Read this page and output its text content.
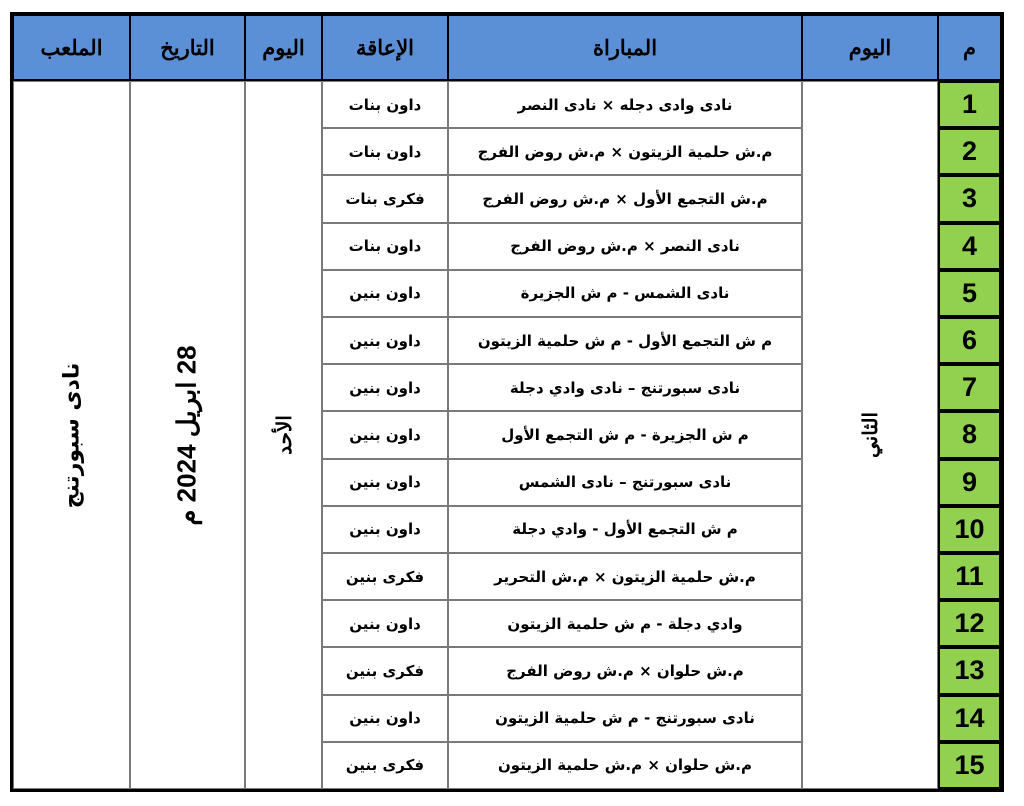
الملعب	التاريخ	اليوم	الإعاقة	المباراة	اليوم	م
نادى سبورتنج
28 ابريل 2024 م
الأحد	الثاني
داون بنات	نادى وادى دجله × نادى النصر	1
داون بنات	م.ش حلمية الزيتون × م.ش روض الفرج	2
فكرى بنات	م.ش التجمع الأول × م.ش روض الفرج	3
داون بنات	نادى النصر × م.ش روض الفرج	4
داون بنين	نادى الشمس - م ش الجزيرة	5
داون بنين	م ش التجمع الأول - م ش حلمية الزيتون	6
داون بنين	نادى سبورتنج – نادى وادي دجلة	7
داون بنين	م ش الجزيرة - م ش التجمع الأول	8
داون بنين	نادى سبورتنج – نادى الشمس	9
داون بنين	م ش التجمع الأول - وادي دجلة	10
فكرى بنين	م.ش حلمية الزيتون × م.ش التحرير	11
داون بنين	وادي دجلة - م ش حلمية الزيتون	12
فكرى بنين	م.ش حلوان × م.ش روض الفرج	13
داون بنين	نادى سبورتنج - م ش حلمية الزيتون	14
فكرى بنين	م.ش حلوان × م.ش حلمية الزيتون	15
